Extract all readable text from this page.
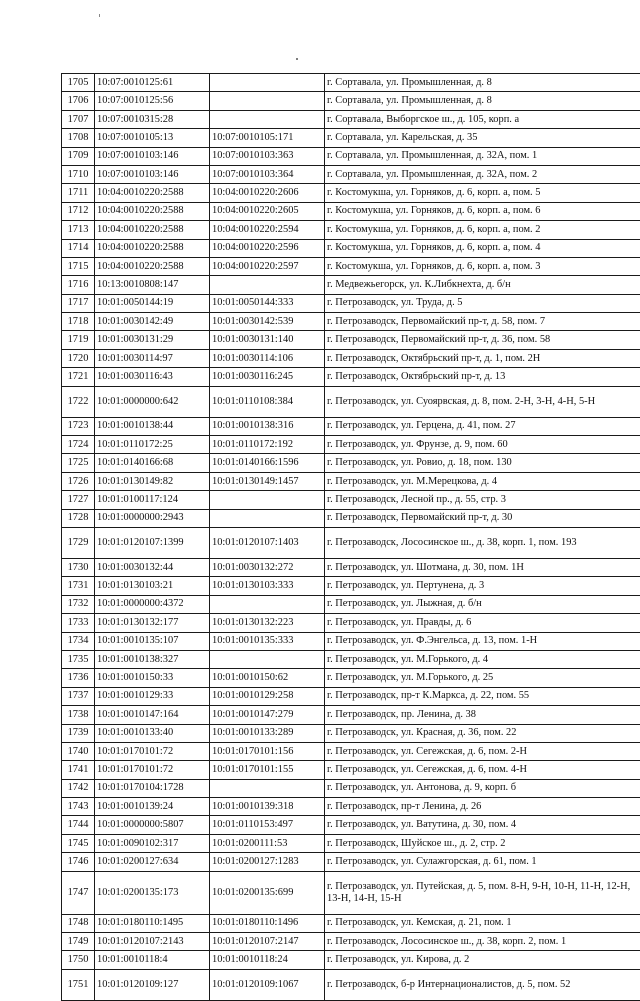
1705	10:07:0010125:61		г. Сортавала, ул. Промышленная, д. 8
1706	10:07:0010125:56		г. Сортавала, ул. Промышленная, д. 8
1707	10:07:0010315:28		г. Сортавала, Выборгское ш., д. 105, корп. а
1708	10:07:0010105:13	10:07:0010105:171	г. Сортавала, ул. Карельская, д. 35
1709	10:07:0010103:146	10:07:0010103:363	г. Сортавала, ул. Промышленная, д. 32А, пом. 1
1710	10:07:0010103:146	10:07:0010103:364	г. Сортавала, ул. Промышленная, д. 32А, пом. 2
1711	10:04:0010220:2588	10:04:0010220:2606	г. Костомукша, ул. Горняков, д. 6, корп. а, пом. 5
1712	10:04:0010220:2588	10:04:0010220:2605	г. Костомукша, ул. Горняков, д. 6, корп. а, пом. 6
1713	10:04:0010220:2588	10:04:0010220:2594	г. Костомукша, ул. Горняков, д. 6, корп. а, пом. 2
1714	10:04:0010220:2588	10:04:0010220:2596	г. Костомукша, ул. Горняков, д. 6, корп. а, пом. 4
1715	10:04:0010220:2588	10:04:0010220:2597	г. Костомукша, ул. Горняков, д. 6, корп. а, пом. 3
1716	10:13:0010808:147		г. Медвежьегорск, ул. К.Либкнехта, д. б/н
1717	10:01:0050144:19	10:01:0050144:333	г. Петрозаводск, ул. Труда, д. 5
1718	10:01:0030142:49	10:01:0030142:539	г. Петрозаводск, Первомайский пр-т, д. 58, пом. 7
1719	10:01:0030131:29	10:01:0030131:140	г. Петрозаводск, Первомайский пр-т, д. 36, пом. 58
1720	10:01:0030114:97	10:01:0030114:106	г. Петрозаводск, Октябрьский пр-т, д. 1, пом. 2Н
1721	10:01:0030116:43	10:01:0030116:245	г. Петрозаводск, Октябрьский пр-т, д. 13
1722	10:01:0000000:642	10:01:0110108:384	г. Петрозаводск, ул. Суоярвская, д. 8, пом. 2-Н, 3-Н, 4-Н, 5-Н
1723	10:01:0010138:44	10:01:0010138:316	г. Петрозаводск, ул. Герцена, д. 41, пом. 27
1724	10:01:0110172:25	10:01:0110172:192	г. Петрозаводск, ул. Фрунзе, д. 9, пом. 60
1725	10:01:0140166:68	10:01:0140166:1596	г. Петрозаводск, ул. Ровио, д. 18, пом. 130
1726	10:01:0130149:82	10:01:0130149:1457	г. Петрозаводск, ул. М.Мерецкова, д. 4
1727	10:01:0100117:124		г. Петрозаводск, Лесной пр., д. 55, стр. 3
1728	10:01:0000000:2943		г. Петрозаводск, Первомайский пр-т, д. 30
1729	10:01:0120107:1399	10:01:0120107:1403	г. Петрозаводск, Лососинское ш., д. 38, корп. 1, пом. 193
1730	10:01:0030132:44	10:01:0030132:272	г. Петрозаводск, ул. Шотмана, д. 30, пом. 1Н
1731	10:01:0130103:21	10:01:0130103:333	г. Петрозаводск, ул. Пертунена, д. 3
1732	10:01:0000000:4372		г. Петрозаводск, ул. Лыжная, д. б/н
1733	10:01:0130132:177	10:01:0130132:223	г. Петрозаводск, ул. Правды, д. 6
1734	10:01:0010135:107	10:01:0010135:333	г. Петрозаводск, ул. Ф.Энгельса, д. 13, пом. 1-Н
1735	10:01:0010138:327		г. Петрозаводск, ул. М.Горького, д. 4
1736	10:01:0010150:33	10:01:0010150:62	г. Петрозаводск, ул. М.Горького, д. 25
1737	10:01:0010129:33	10:01:0010129:258	г. Петрозаводск, пр-т К.Маркса, д. 22, пом. 55
1738	10:01:0010147:164	10:01:0010147:279	г. Петрозаводск, пр. Ленина, д. 38
1739	10:01:0010133:40	10:01:0010133:289	г. Петрозаводск, ул. Красная, д. 36, пом. 22
1740	10:01:0170101:72	10:01:0170101:156	г. Петрозаводск, ул. Сегежская, д. 6, пом. 2-Н
1741	10:01:0170101:72	10:01:0170101:155	г. Петрозаводск, ул. Сегежская, д. 6, пом. 4-Н
1742	10:01:0170104:1728		г. Петрозаводск, ул. Антонова, д. 9, корп. б
1743	10:01:0010139:24	10:01:0010139:318	г. Петрозаводск, пр-т Ленина, д. 26
1744	10:01:0000000:5807	10:01:0110153:497	г. Петрозаводск, ул. Ватутина, д. 30, пом. 4
1745	10:01:0090102:317	10:01:0200111:53	г. Петрозаводск, Шуйское ш., д. 2, стр. 2
1746	10:01:0200127:634	10:01:0200127:1283	г. Петрозаводск, ул. Сулажгорская, д. 61, пом. 1
1747	10:01:0200135:173	10:01:0200135:699	г. Петрозаводск, ул. Путейская, д. 5, пом. 8-Н, 9-Н, 10-Н, 11-Н, 12-Н, 13-Н, 14-Н, 15-Н
1748	10:01:0180110:1495	10:01:0180110:1496	г. Петрозаводск, ул. Кемская, д. 21, пом. 1
1749	10:01:0120107:2143	10:01:0120107:2147	г. Петрозаводск, Лососинское ш., д. 38, корп. 2, пом. 1
1750	10:01:0010118:4	10:01:0010118:24	г. Петрозаводск, ул. Кирова, д. 2
1751	10:01:0120109:127	10:01:0120109:1067	г. Петрозаводск, б-р Интернационалистов, д. 5, пом. 52
